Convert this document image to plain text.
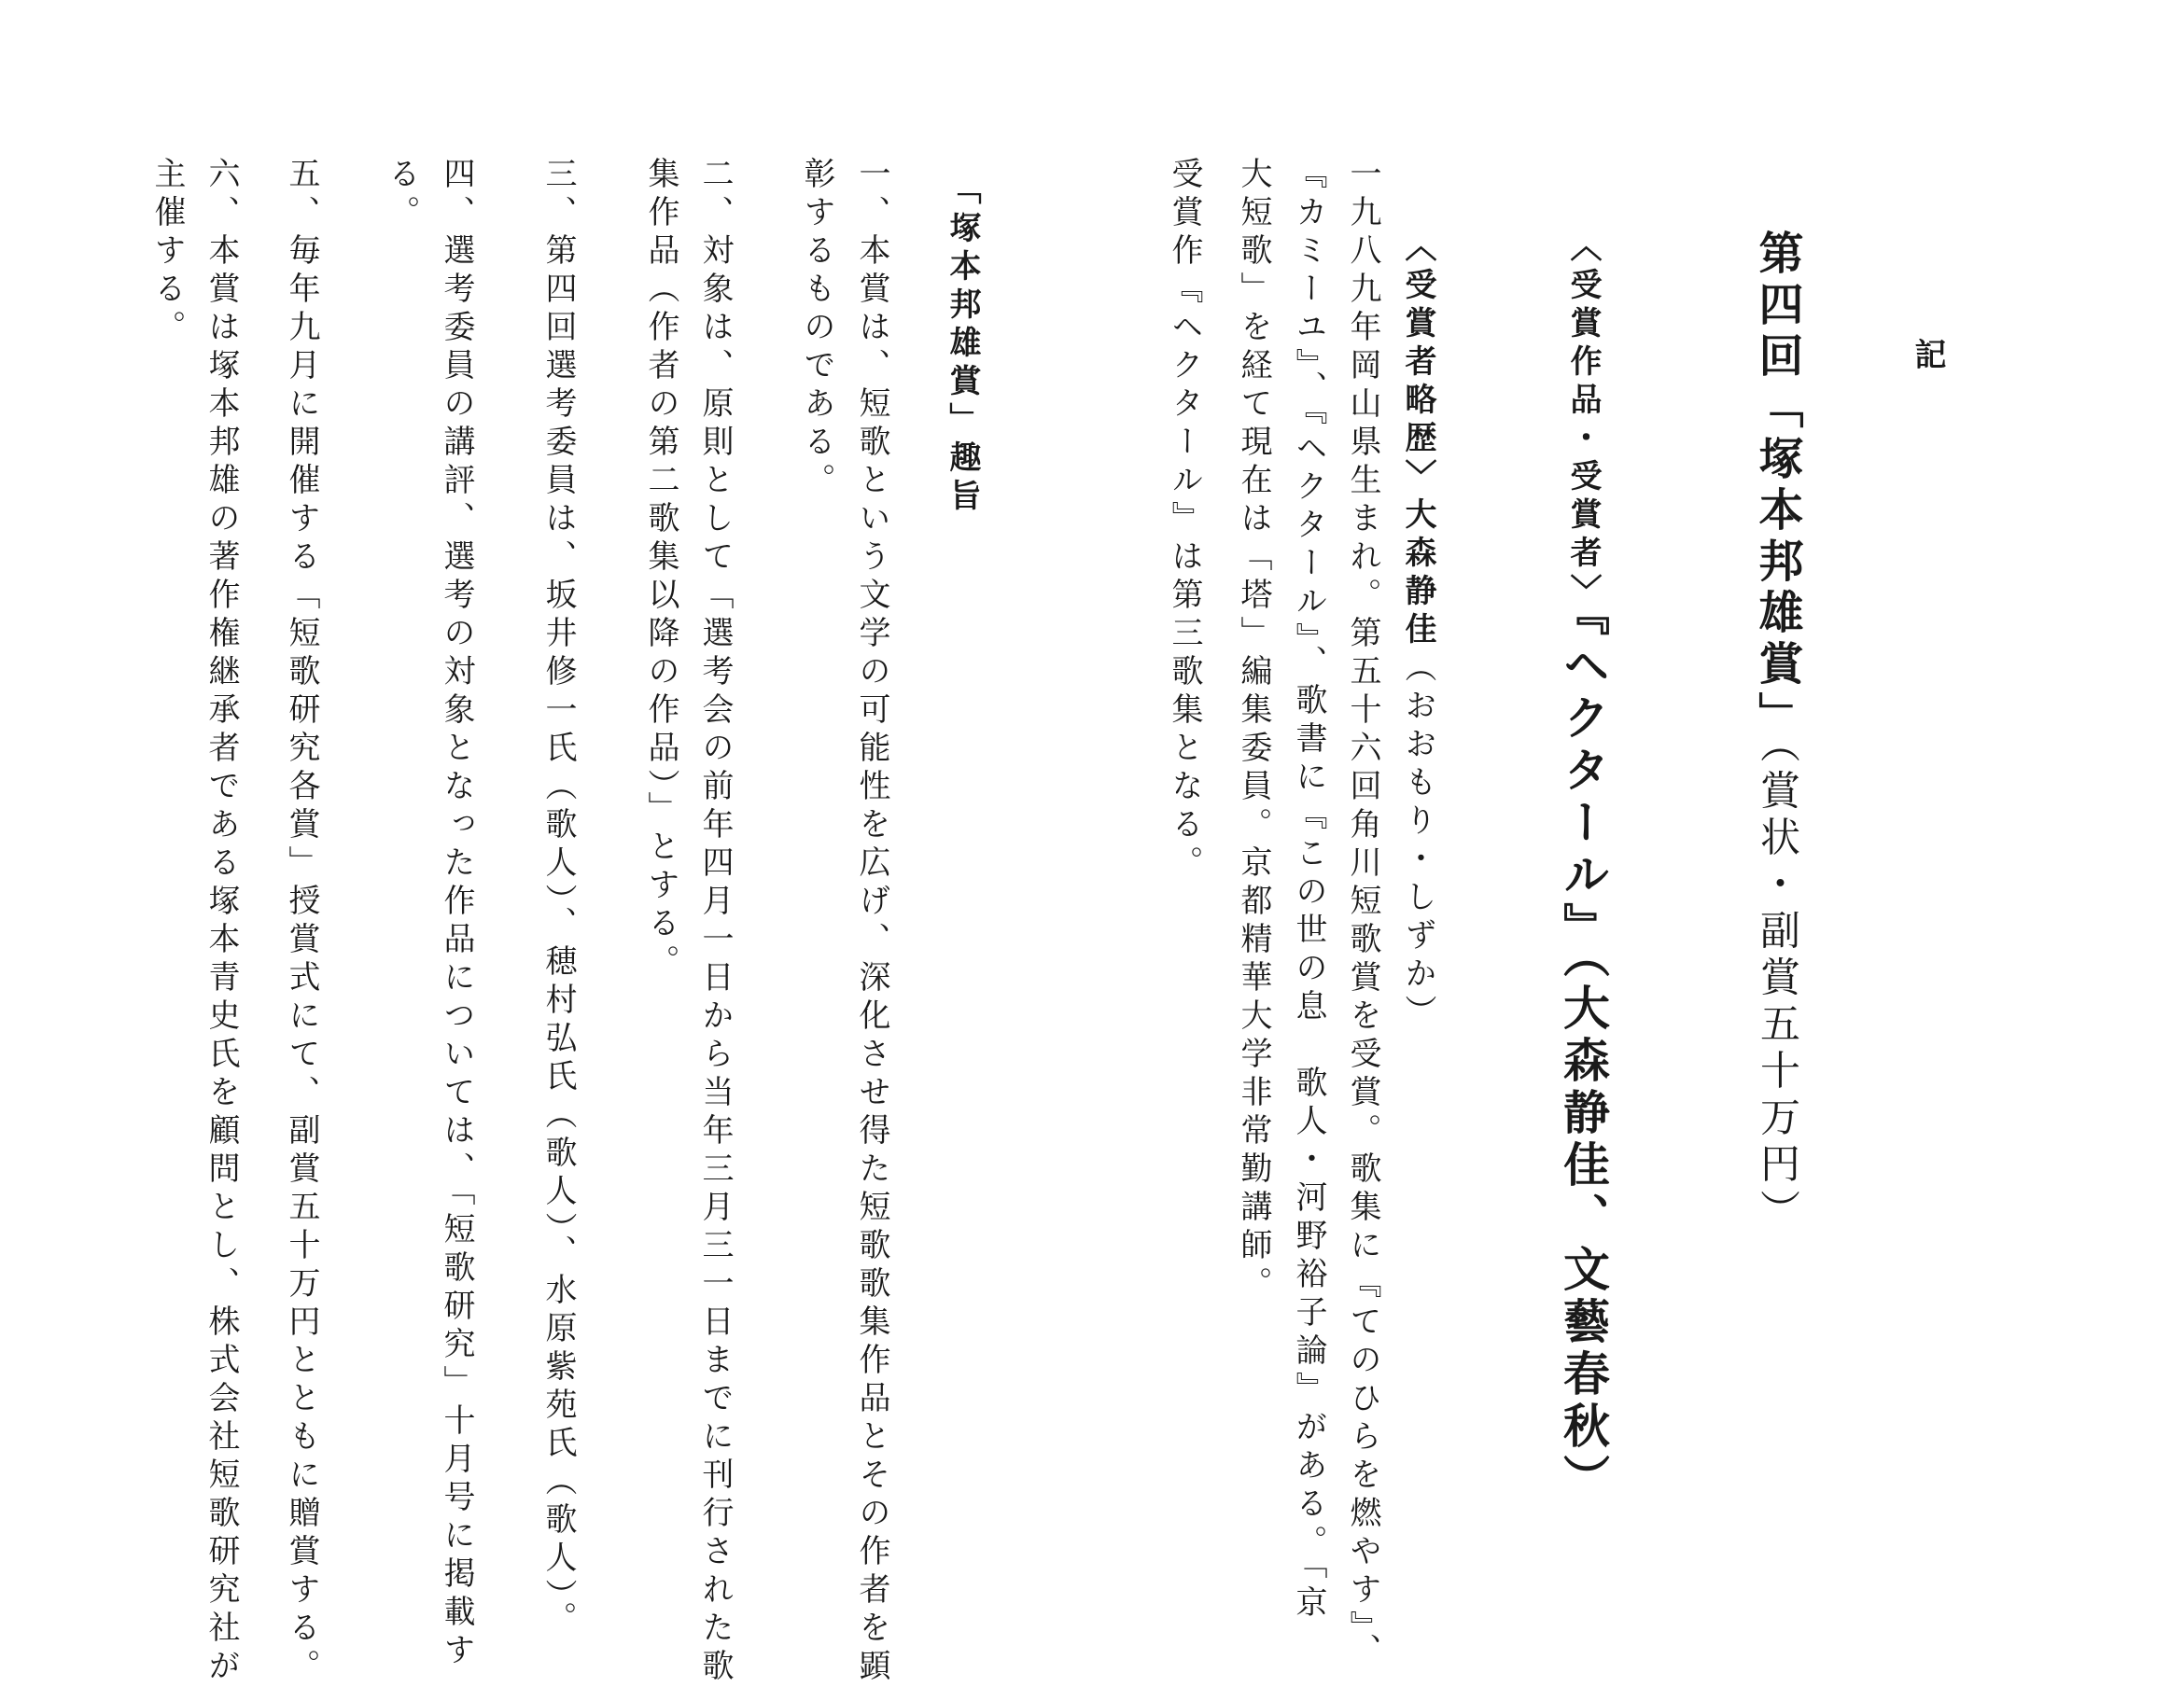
記
第四回「塚本邦雄賞」（賞状・副賞五十万円）
〈受賞作品・受賞者〉『ヘクタール』（大森静佳、文藝春秋）
〈受賞者略歴〉大森静佳（おおもり・しずか）
一九八九年岡山県生まれ。第五十六回角川短歌賞を受賞。歌集に『てのひらを燃やす』、
『カミーユ』、『ヘクタール』、歌書に『この世の息　歌人・河野裕子論』がある。「京
大短歌」を経て現在は「塔」編集委員。京都精華大学非常勤講師。
受賞作『ヘクタール』は第三歌集となる。
「塚本邦雄賞」趣旨
一、本賞は、短歌という文学の可能性を広げ、深化させ得た短歌歌集作品とその作者を顕
彰するものである。
二、対象は、原則として「選考会の前年四月一日から当年三月三一日までに刊行された歌
集作品（作者の第二歌集以降の作品）」とする。
三、第四回選考委員は、坂井修一氏（歌人）、穂村弘氏（歌人）、水原紫苑氏（歌人）。
四、選考委員の講評、選考の対象となった作品については、「短歌研究」十月号に掲載す
る。
五、毎年九月に開催する「短歌研究各賞」授賞式にて、副賞五十万円とともに贈賞する。
六、本賞は塚本邦雄の著作権継承者である塚本青史氏を顧問とし、株式会社短歌研究社が
主催する。
